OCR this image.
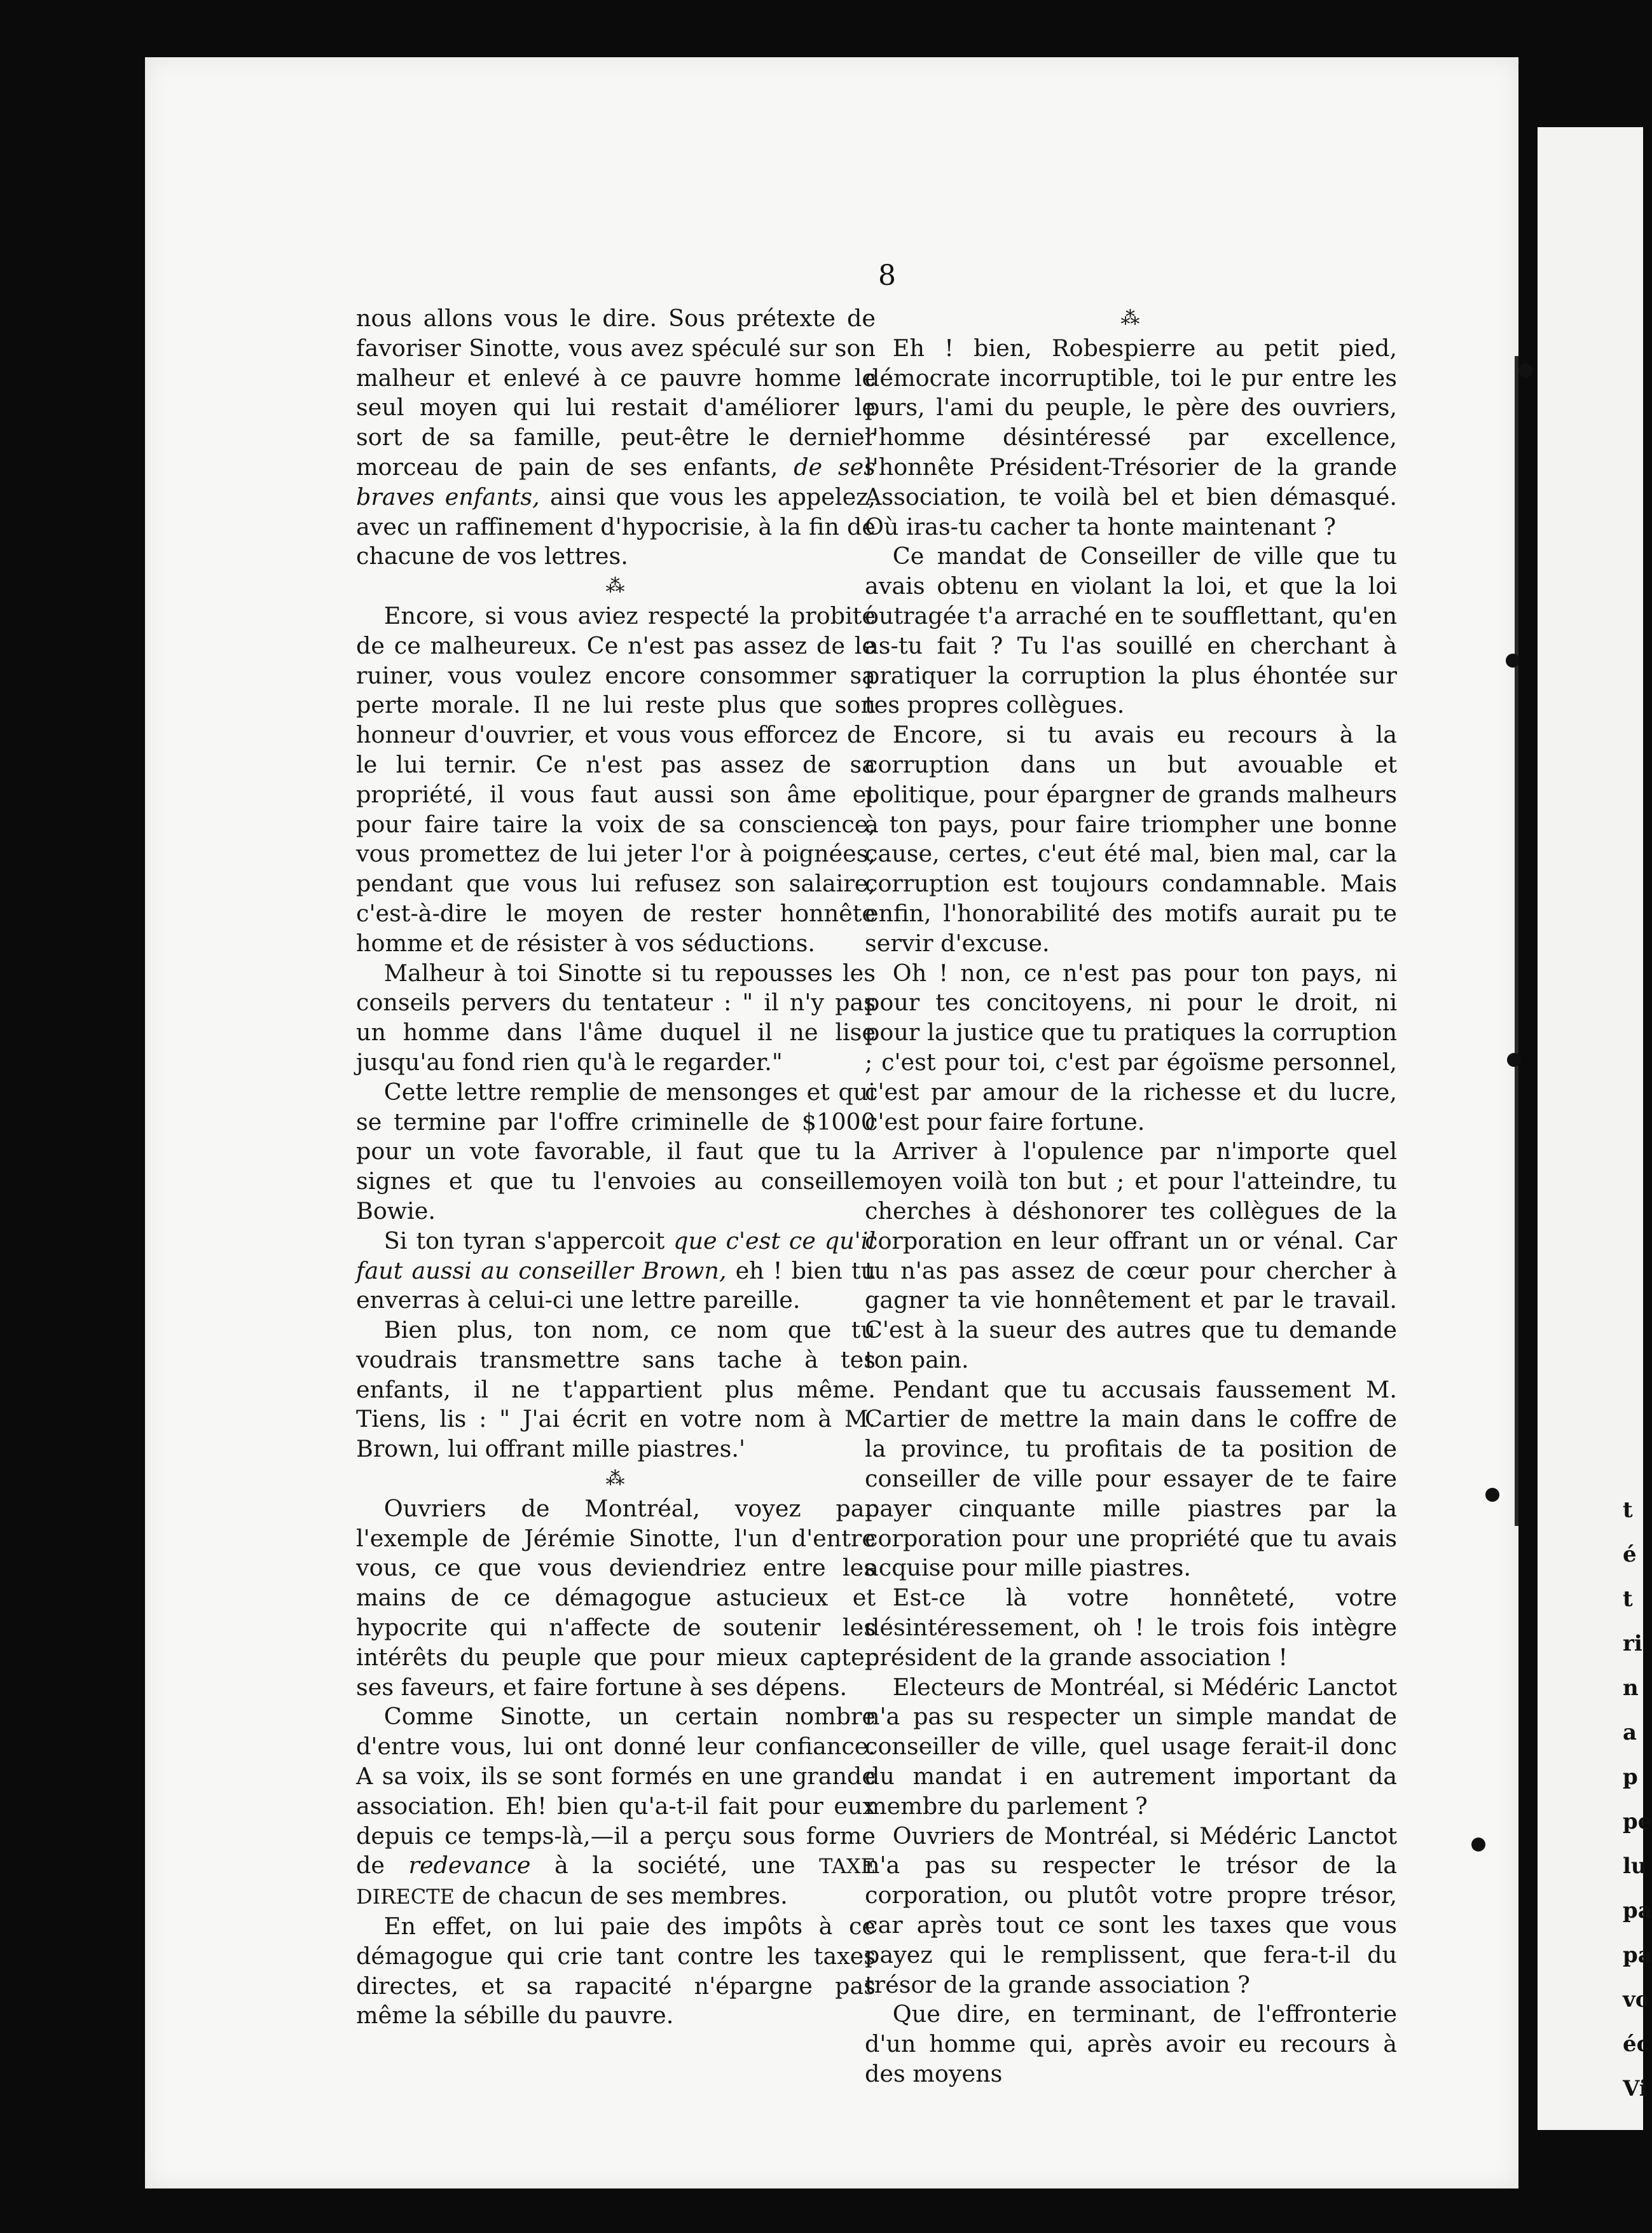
8

nous allons vous le dire. Sous prétexte de favoriser Sinotte, vous avez spéculé sur son malheur et enlevé à ce pauvre homme le seul moyen qui lui restait d'améliorer le sort de sa famille, peut-être le dernier morceau de pain de ses enfants, de ses braves enfants, ainsi que vous les appelez, avec un raffinement d'hypocrisie, à la fin de chacune de vos lettres.

⁂

Encore, si vous aviez respecté la probité de ce malheureux. Ce n'est pas assez de le ruiner, vous voulez encore consommer sa perte morale. Il ne lui reste plus que son honneur d'ouvrier, et vous vous efforcez de le lui ternir. Ce n'est pas assez de sa propriété, il vous faut aussi son âme et pour faire taire la voix de sa conscience, vous promettez de lui jeter l'or à poignées, pendant que vous lui refusez son salaire, c'est-à-dire le moyen de rester honnête homme et de résister à vos séductions.

Malheur à toi Sinotte si tu repousses les conseils pervers du tentateur : " il n'y pas un homme dans l'âme duquel il ne lise jusqu'au fond rien qu'à le regarder."

Cette lettre remplie de mensonges et qui se termine par l'offre criminelle de $1000 pour un vote favorable, il faut que tu la signes et que tu l'envoies au conseiller Bowie.

Si ton tyran s'appercoit que c'est ce qu'il faut aussi au conseiller Brown, eh ! bien tu enverras à celui-ci une lettre pareille.

Bien plus, ton nom, ce nom que tu voudrais transmettre sans tache à tes enfants, il ne t'appartient plus même. Tiens, lis : " J'ai écrit en votre nom à M. Brown, lui offrant mille piastres.'

⁂

Ouvriers de Montréal, voyez par l'exemple de Jérémie Sinotte, l'un d'entre vous, ce que vous deviendriez entre les mains de ce démagogue astucieux et hypocrite qui n'affecte de soutenir les intérêts du peuple que pour mieux capter ses faveurs, et faire fortune à ses dépens.

Comme Sinotte, un certain nombre d'entre vous, lui ont donné leur confiance. A sa voix, ils se sont formés en une grande association. Eh! bien qu'a-t-il fait pour eux depuis ce temps-là,—il a perçu sous forme de redevance à la société, une TAXE DIRECTE de chacun de ses membres.

En effet, on lui paie des impôts à ce démagogue qui crie tant contre les taxes directes, et sa rapacité n'épargne pas même la sébille du pauvre.

⁂

Eh ! bien, Robespierre au petit pied, démocrate incorruptible, toi le pur entre les purs, l'ami du peuple, le père des ouvriers, l'homme désintéressé par excellence, l'honnête Président-Trésorier de la grande Association, te voilà bel et bien démasqué. Où iras-tu cacher ta honte maintenant ?

Ce mandat de Conseiller de ville que tu avais obtenu en violant la loi, et que la loi outragée t'a arraché en te soufflettant, qu'en as-tu fait ? Tu l'as souillé en cherchant à pratiquer la corruption la plus éhontée sur tes propres collègues.

Encore, si tu avais eu recours à la corruption dans un but avouable et politique, pour épargner de grands malheurs à ton pays, pour faire triompher une bonne cause, certes, c'eut été mal, bien mal, car la corruption est toujours condamnable. Mais enfin, l'honorabilité des motifs aurait pu te servir d'excuse.

Oh ! non, ce n'est pas pour ton pays, ni pour tes concitoyens, ni pour le droit, ni pour la justice que tu pratiques la corruption ; c'est pour toi, c'est par égoïsme personnel, c'est par amour de la richesse et du lucre, c'est pour faire fortune.

Arriver à l'opulence par n'importe quel moyen voilà ton but ; et pour l'atteindre, tu cherches à déshonorer tes collègues de la corporation en leur offrant un or vénal. Car tu n'as pas assez de cœur pour chercher à gagner ta vie honnêtement et par le travail. C'est à la sueur des autres que tu demande ton pain.

Pendant que tu accusais faussement M. Cartier de mettre la main dans le coffre de la province, tu profitais de ta position de conseiller de ville pour essayer de te faire payer cinquante mille piastres par la corporation pour une propriété que tu avais acquise pour mille piastres.

Est-ce là votre honnêteté, votre désintéressement, oh ! le trois fois intègre président de la grande association !

Electeurs de Montréal, si Médéric Lanctot n'a pas su respecter un simple mandat de conseiller de ville, quel usage ferait-il donc du mandat i en autrement important da membre du parlement ?

Ouvriers de Montréal, si Médéric Lanctot n'a pas su respecter le trésor de la corporation, ou plutôt votre propre trésor, car après tout ce sont les taxes que vous payez qui le remplissent, que fera-t-il du trésor de la grande association ?

Que dire, en terminant, de l'effronterie d'un homme qui, après avoir eu recours à des moyens

t
é
t
ri
n
a
p
pe
lu
pa
pa
vo
éc
Vi
